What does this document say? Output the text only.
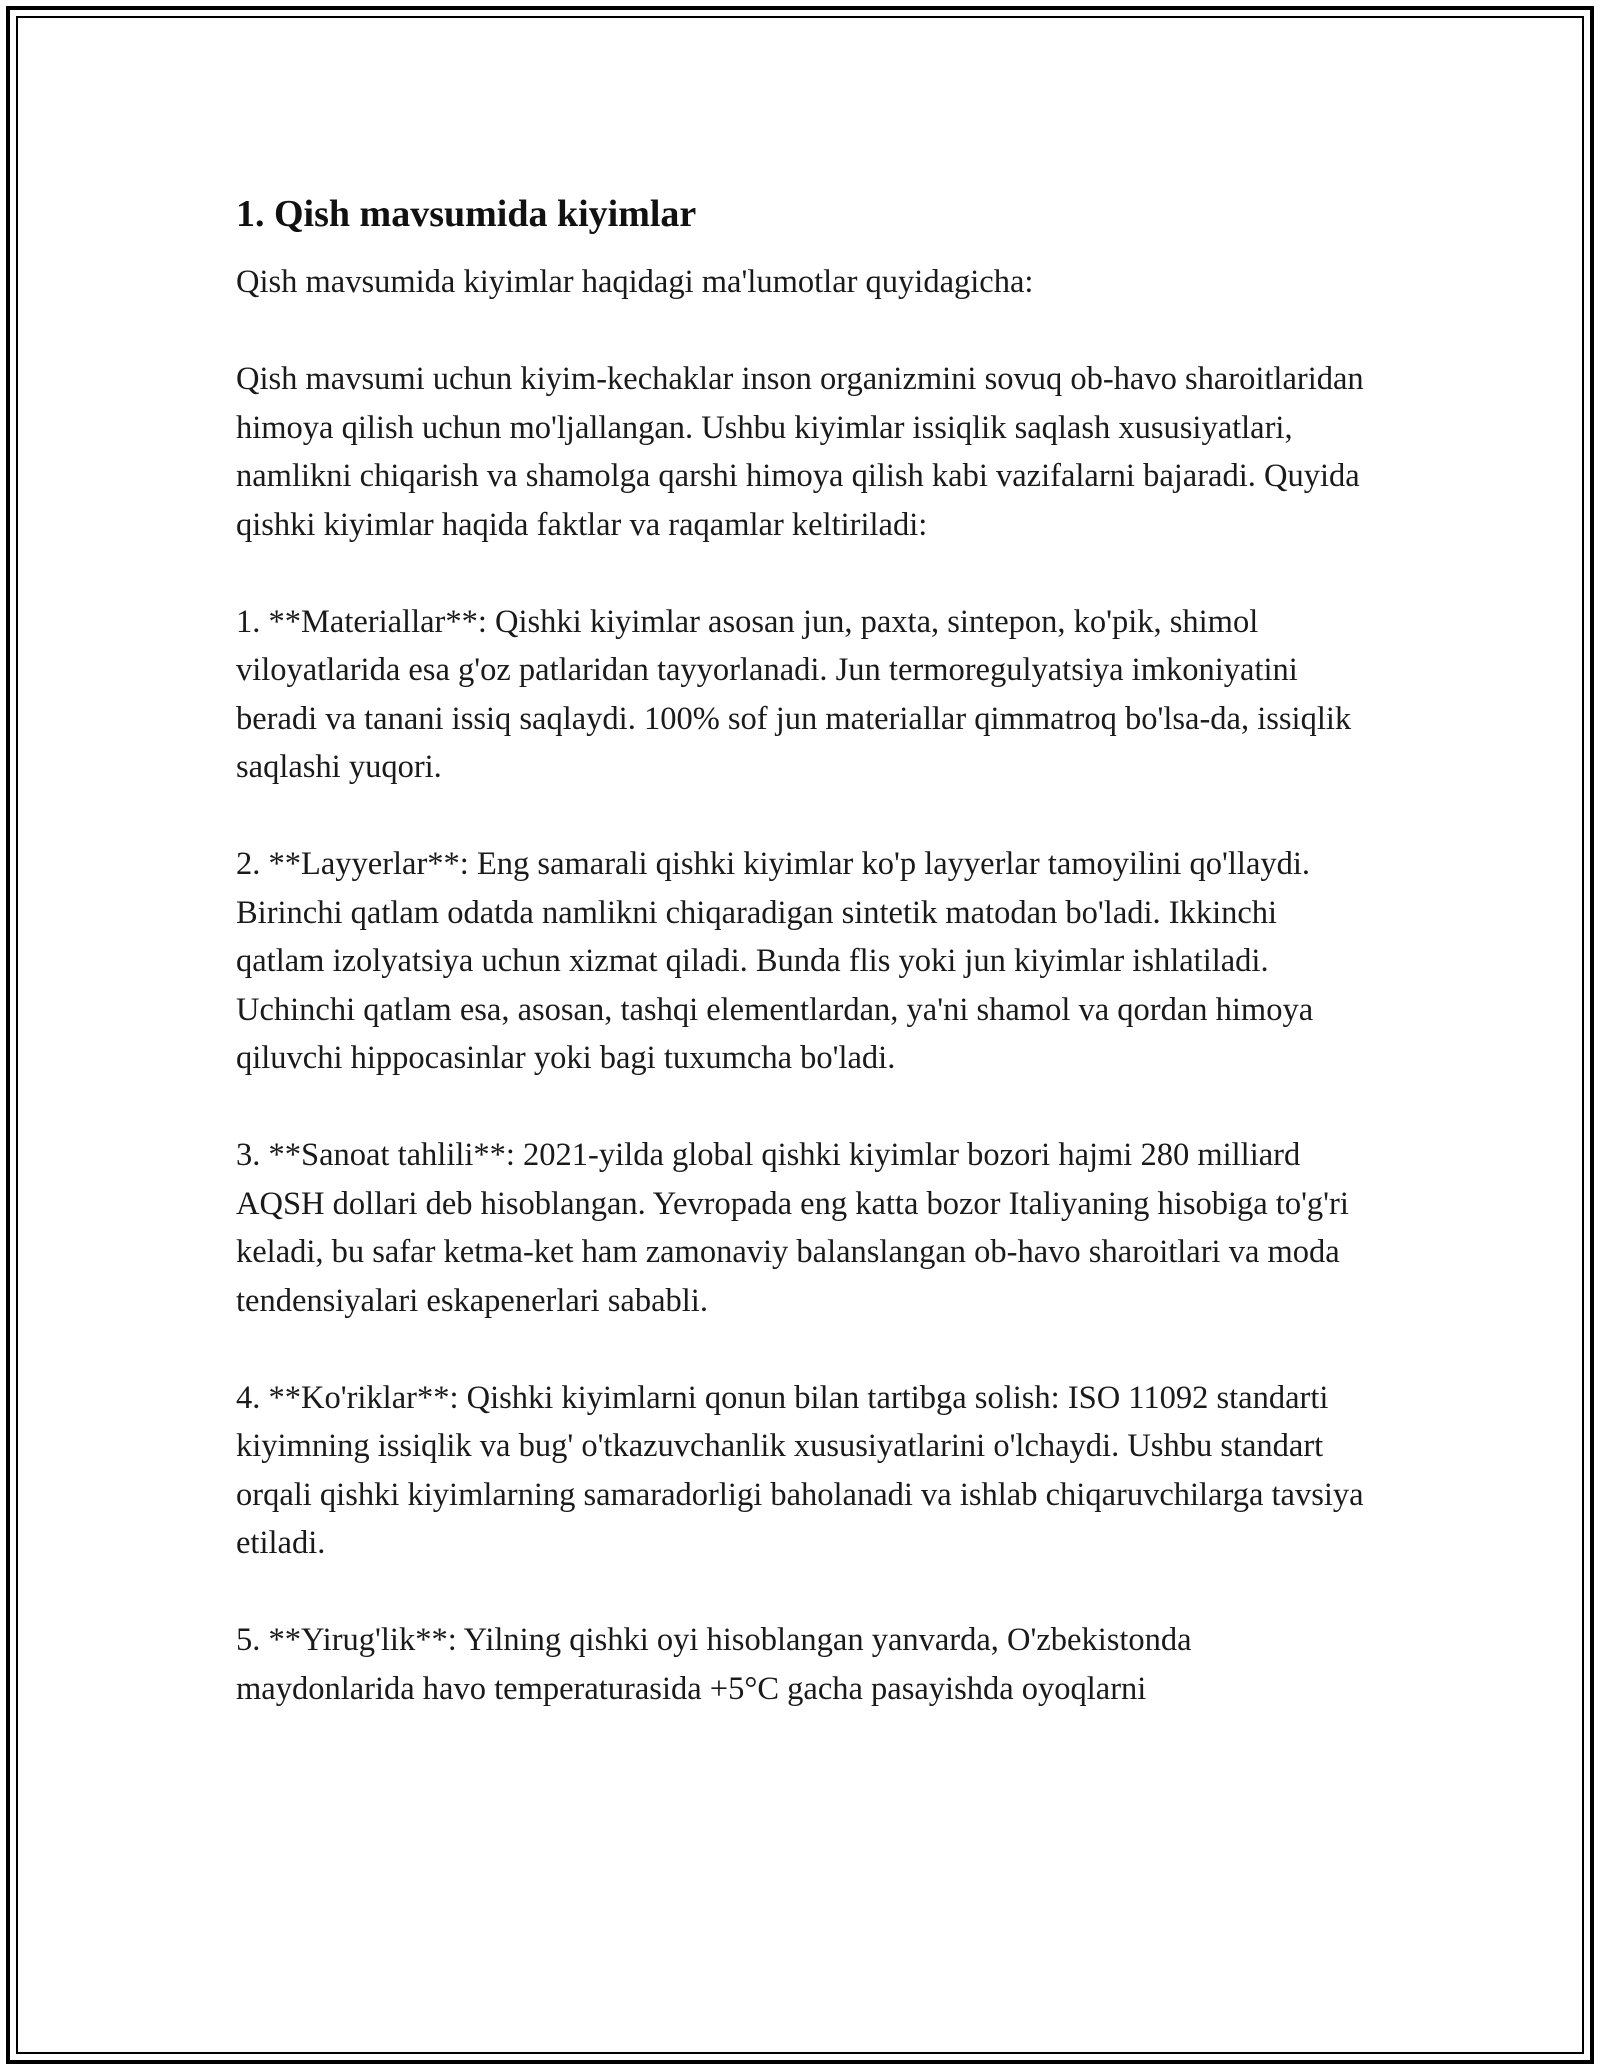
1. Qish mavsumida kiyimlar

Qish mavsumida kiyimlar haqidagi ma'lumotlar quyidagicha:

Qish mavsumi uchun kiyim-kechaklar inson organizmini sovuq ob-havo sharoitlaridan himoya qilish uchun mo'ljallangan. Ushbu kiyimlar issiqlik saqlash xususiyatlari, namlikni chiqarish va shamolga qarshi himoya qilish kabi vazifalarni bajaradi. Quyida qishki kiyimlar haqida faktlar va raqamlar keltiriladi:

1. **Materiallar**: Qishki kiyimlar asosan jun, paxta, sintepon, ko'pik, shimol viloyatlarida esa g'oz patlaridan tayyorlanadi. Jun termoregulyatsiya imkoniyatini beradi va tanani issiq saqlaydi. 100% sof jun materiallar qimmatroq bo'lsa-da, issiqlik saqlashi yuqori.

2. **Layyerlar**: Eng samarali qishki kiyimlar ko'p layyerlar tamoyilini qo'llaydi. Birinchi qatlam odatda namlikni chiqaradigan sintetik matodan bo'ladi. Ikkinchi qatlam izolyatsiya uchun xizmat qiladi. Bunda flis yoki jun kiyimlar ishlatiladi. Uchinchi qatlam esa, asosan, tashqi elementlardan, ya'ni shamol va qordan himoya qiluvchi hippocasinlar yoki bagi tuxumcha bo'ladi.

3. **Sanoat tahlili**: 2021-yilda global qishki kiyimlar bozori hajmi 280 milliard AQSH dollari deb hisoblangan. Yevropada eng katta bozor Italiyaning hisobiga to'g'ri keladi, bu safar ketma-ket ham zamonaviy balanslangan ob-havo sharoitlari va moda tendensiyalari eskapenerlari sababli.

4. **Ko'riklar**: Qishki kiyimlarni qonun bilan tartibga solish: ISO 11092 standarti kiyimning issiqlik va bug' o'tkazuvchanlik xususiyatlarini o'lchaydi. Ushbu standart orqali qishki kiyimlarning samaradorligi baholanadi va ishlab chiqaruvchilarga tavsiya etiladi.

5. **Yirug'lik**: Yilning qishki oyi hisoblangan yanvarda, O'zbekistonda maydonlarida havo temperaturasida +5°C gacha pasayishda oyoqlarni
